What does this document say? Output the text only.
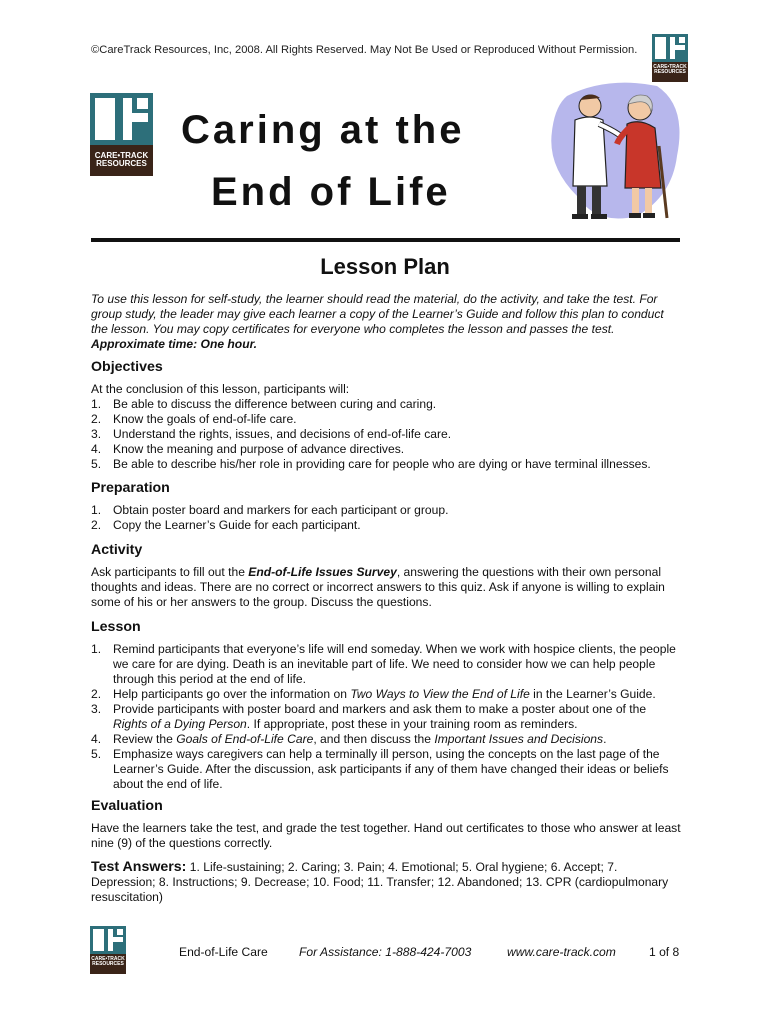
©CareTrack Resources, Inc, 2008. All Rights Reserved. May Not Be Used or Reproduced Without Permission.
CARE•TRACK
RESOURCES
CARE•TRACK
RESOURCES
Caring at the
End of Life
Lesson Plan
To use this lesson for self-study, the learner should read the material, do the activity, and take the test. For group study, the leader may give each learner a copy of the Learner’s Guide and follow this plan to conduct the lesson. You may copy certificates for everyone who completes the lesson and passes the test. Approximate time: One hour.
Objectives
At the conclusion of this lesson, participants will:
1. Be able to discuss the difference between curing and caring.
2. Know the goals of end-of-life care.
3. Understand the rights, issues, and decisions of end-of-life care.
4. Know the meaning and purpose of advance directives.
5. Be able to describe his/her role in providing care for people who are dying or have terminal illnesses.
Preparation
1. Obtain poster board and markers for each participant or group.
2. Copy the Learner’s Guide for each participant.
Activity
Ask participants to fill out the End-of-Life Issues Survey, answering the questions with their own personal thoughts and ideas. There are no correct or incorrect answers to this quiz. Ask if anyone is willing to explain some of his or her answers to the group. Discuss the questions.
Lesson
1. Remind participants that everyone’s life will end someday. When we work with hospice clients, the people we care for are dying. Death is an inevitable part of life. We need to consider how we can help people through this period at the end of life.
2. Help participants go over the information on Two Ways to View the End of Life in the Learner’s Guide.
3. Provide participants with poster board and markers and ask them to make a poster about one of the Rights of a Dying Person. If appropriate, post these in your training room as reminders.
4. Review the Goals of End-of-Life Care, and then discuss the Important Issues and Decisions.
5. Emphasize ways caregivers can help a terminally ill person, using the concepts on the last page of the Learner’s Guide. After the discussion, ask participants if any of them have changed their ideas or beliefs about the end of life.
Evaluation
Have the learners take the test, and grade the test together. Hand out certificates to those who answer at least nine (9) of the questions correctly.
Test Answers: 1. Life-sustaining; 2. Caring; 3. Pain; 4. Emotional; 5. Oral hygiene; 6. Accept; 7. Depression; 8. Instructions; 9. Decrease; 10. Food; 11. Transfer; 12. Abandoned; 13. CPR (cardiopulmonary resuscitation)
CARE•TRACK
RESOURCES
End-of-Life Care	For Assistance: 1-888-424-7003	www.care-track.com	1 of 8
